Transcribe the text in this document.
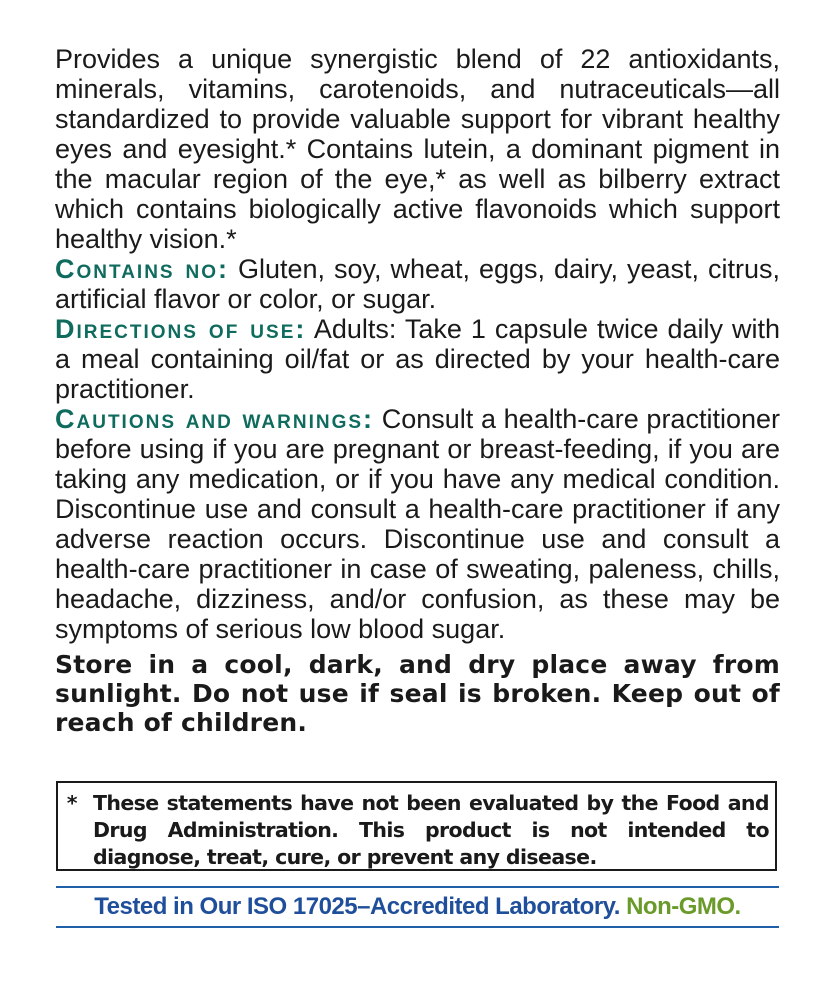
Provides a unique synergistic blend of 22 antioxidants, minerals, vitamins, carotenoids, and nutraceuticals—all standardized to provide valuable support for vibrant healthy eyes and eyesight.* Contains lutein, a dominant pigment in the macular region of the eye,* as well as bilberry extract which contains biologically active flavonoids which support healthy vision.*

Contains no: Gluten, soy, wheat, eggs, dairy, yeast, citrus, artificial flavor or color, or sugar.

Directions of use: Adults: Take 1 capsule twice daily with a meal containing oil/fat or as directed by your health-care practitioner.

Cautions and warnings: Consult a health-care practitioner before using if you are pregnant or breast-feeding, if you are taking any medication, or if you have any medical condition. Discontinue use and consult a health-care practitioner if any adverse reaction occurs. Discontinue use and consult a health-care practitioner in case of sweating, paleness, chills, headache, dizziness, and/or confusion, as these may be symptoms of serious low blood sugar.

Store in a cool, dark, and dry place away from sunlight. Do not use if seal is broken. Keep out of reach of children.

* These statements have not been evaluated by the Food and Drug Administration. This product is not intended to diagnose, treat, cure, or prevent any disease.
Tested in Our ISO 17025–Accredited Laboratory. Non-GMO.
